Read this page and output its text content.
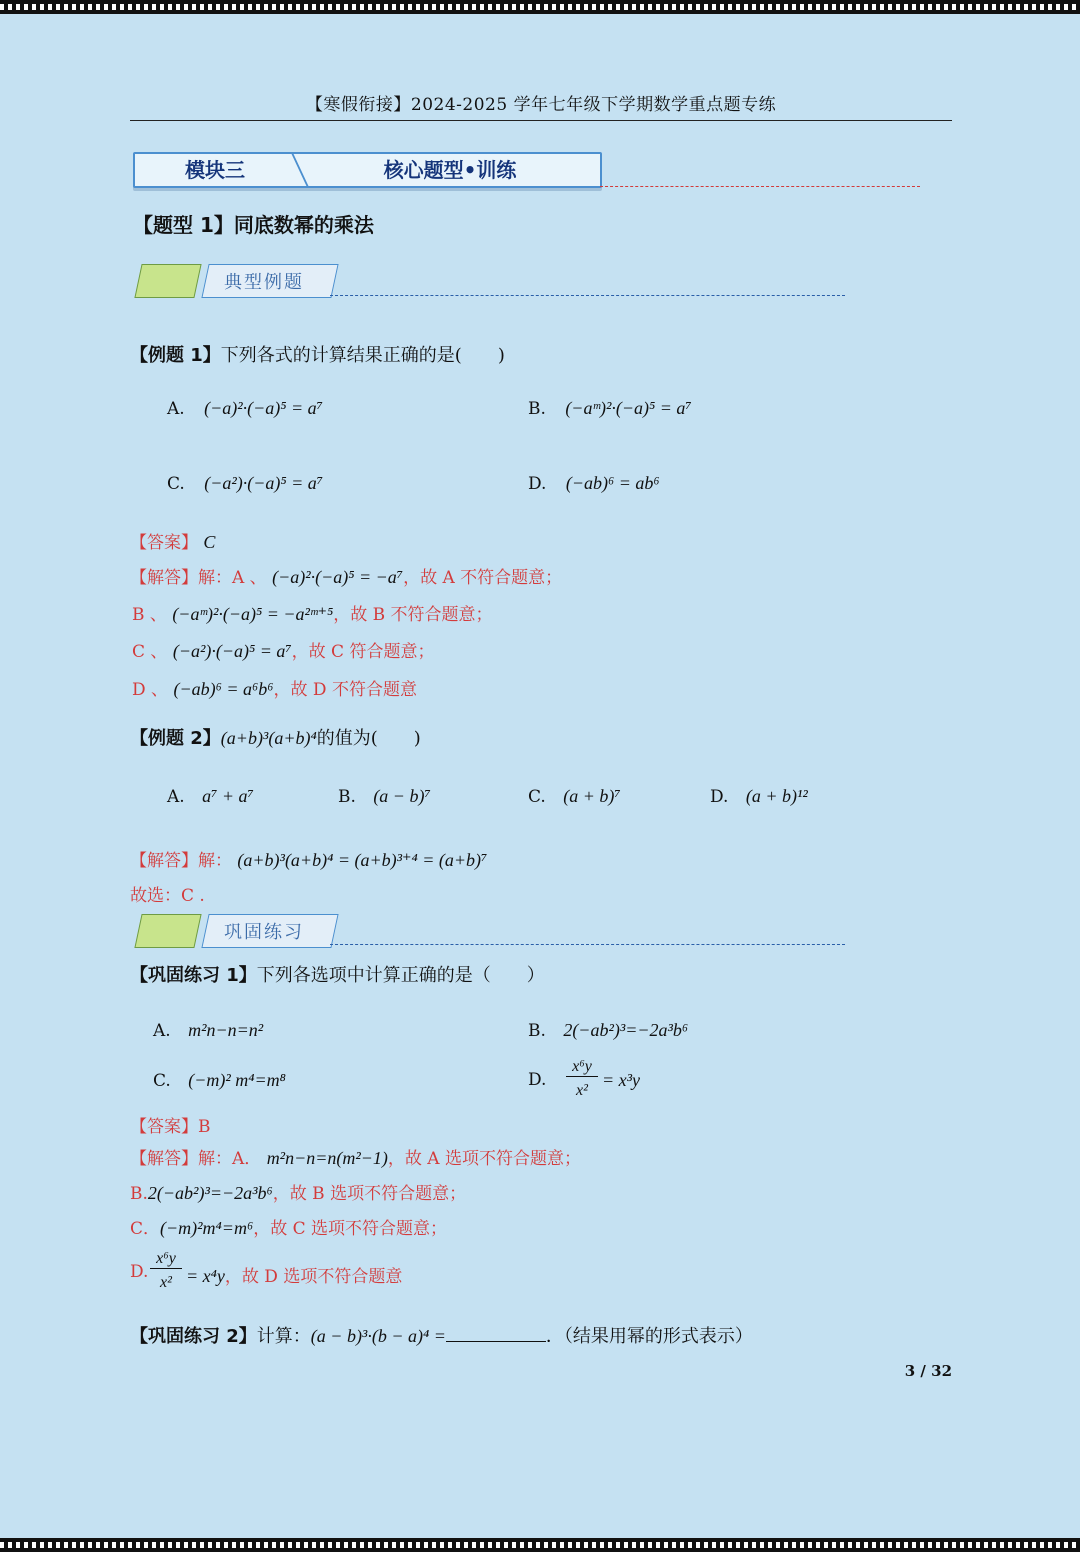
【寒假衔接】2024-2025 学年七年级下学期数学重点题专练
模块三	核心题型•训练
【题型 1】同底数幂的乘法
典型例题
【例题 1】下列各式的计算结果正确的是(　　)
A. (−a)²·(−a)⁵ = a⁷	B. (−aᵐ)²·(−a)⁵ = a⁷
C. (−a²)·(−a)⁵ = a⁷	D. (−ab)⁶ = ab⁶
【答案】 C
【解答】解：A 、 (−a)²·(−a)⁵ = −a⁷，故 A 不符合题意；
B 、 (−aᵐ)²·(−a)⁵ = −a²ᵐ⁺⁵，故 B 不符合题意；
C 、 (−a²)·(−a)⁵ = a⁷，故 C 符合题意；
D 、 (−ab)⁶ = a⁶b⁶，故 D 不符合题意
【例题 2】(a+b)³(a+b)⁴的值为(　　)
A. a⁷ + a⁷	B. (a − b)⁷	C. (a + b)⁷	D. (a + b)¹²
【解答】解： (a+b)³(a+b)⁴ = (a+b)³⁺⁴ = (a+b)⁷
故选：C .
巩固练习
【巩固练习 1】下列各选项中计算正确的是（　　）
A. m²n−n=n²	B. 2(−ab²)³=−2a³b⁶
C. (−m)² m⁴=m⁸	D.
x⁶y
x²
= x³y
【答案】B
【解答】解：A． m²n−n=n(m²−1)，故 A 选项不符合题意；
B.2(−ab²)³=−2a³b⁶，故 B 选项不符合题意；
C．(−m)²m⁴=m⁶，故 C 选项不符合题意；
D.
x⁶y
x² = x⁴y，故 D 选项不符合题意
【巩固练习 2】计算：(a − b)³·(b − a)⁴ =	．（结果用幂的形式表示）
3 / 32
